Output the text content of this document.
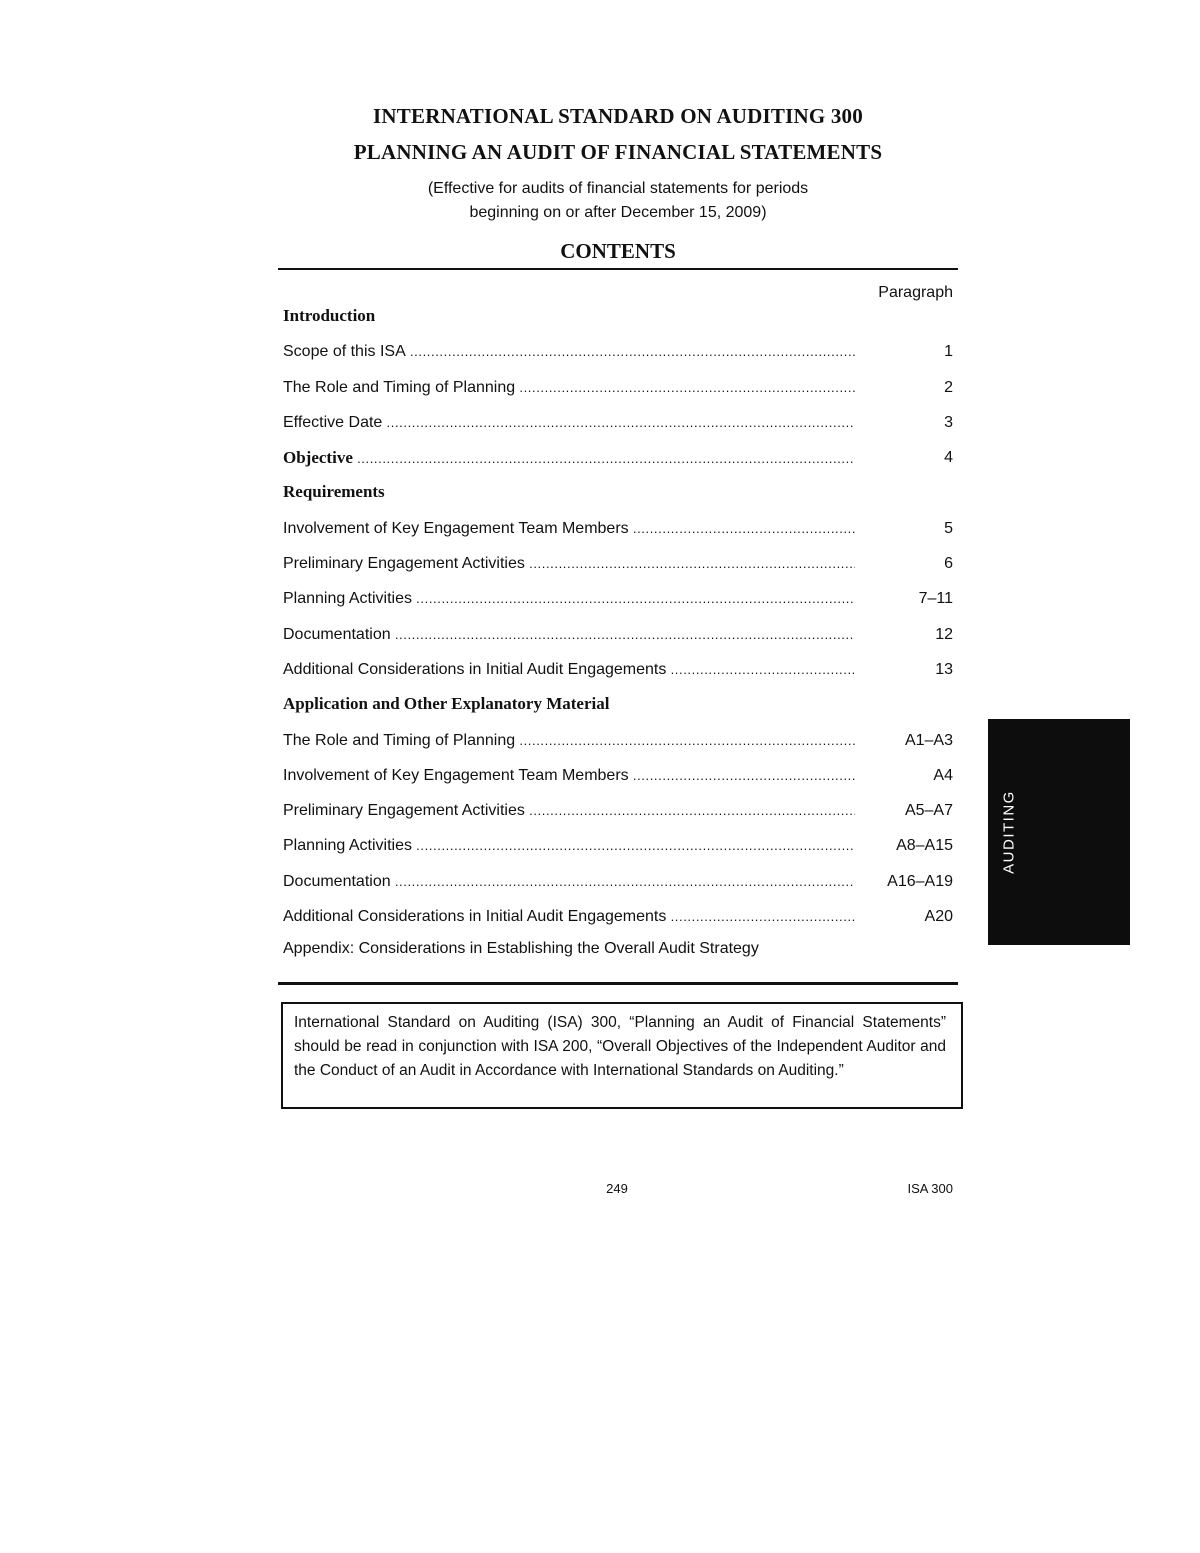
INTERNATIONAL STANDARD ON AUDITING 300
PLANNING AN AUDIT OF FINANCIAL STATEMENTS
(Effective for audits of financial statements for periods
beginning on or after December 15, 2009)
CONTENTS
Paragraph
Introduction
Scope of this ISA .....	1
The Role and Timing of Planning .....	2
Effective Date .....	3
Objective .....	4
Requirements
Involvement of Key Engagement Team Members .....	5
Preliminary Engagement Activities .....	6
Planning Activities .....	7–11
Documentation .....	12
Additional Considerations in Initial Audit Engagements .....	13
Application and Other Explanatory Material
The Role and Timing of Planning .....	A1–A3
Involvement of Key Engagement Team Members .....	A4
Preliminary Engagement Activities .....	A5–A7
Planning Activities .....	A8–A15
Documentation .....	A16–A19
Additional Considerations in Initial Audit Engagements .....	A20
Appendix: Considerations in Establishing the Overall Audit Strategy
International Standard on Auditing (ISA) 300, “Planning an Audit of Financial Statements” should be read in conjunction with ISA 200, “Overall Objectives of the Independent Auditor and the Conduct of an Audit in Accordance with International Standards on Auditing.”
AUDITING
249	ISA 300
